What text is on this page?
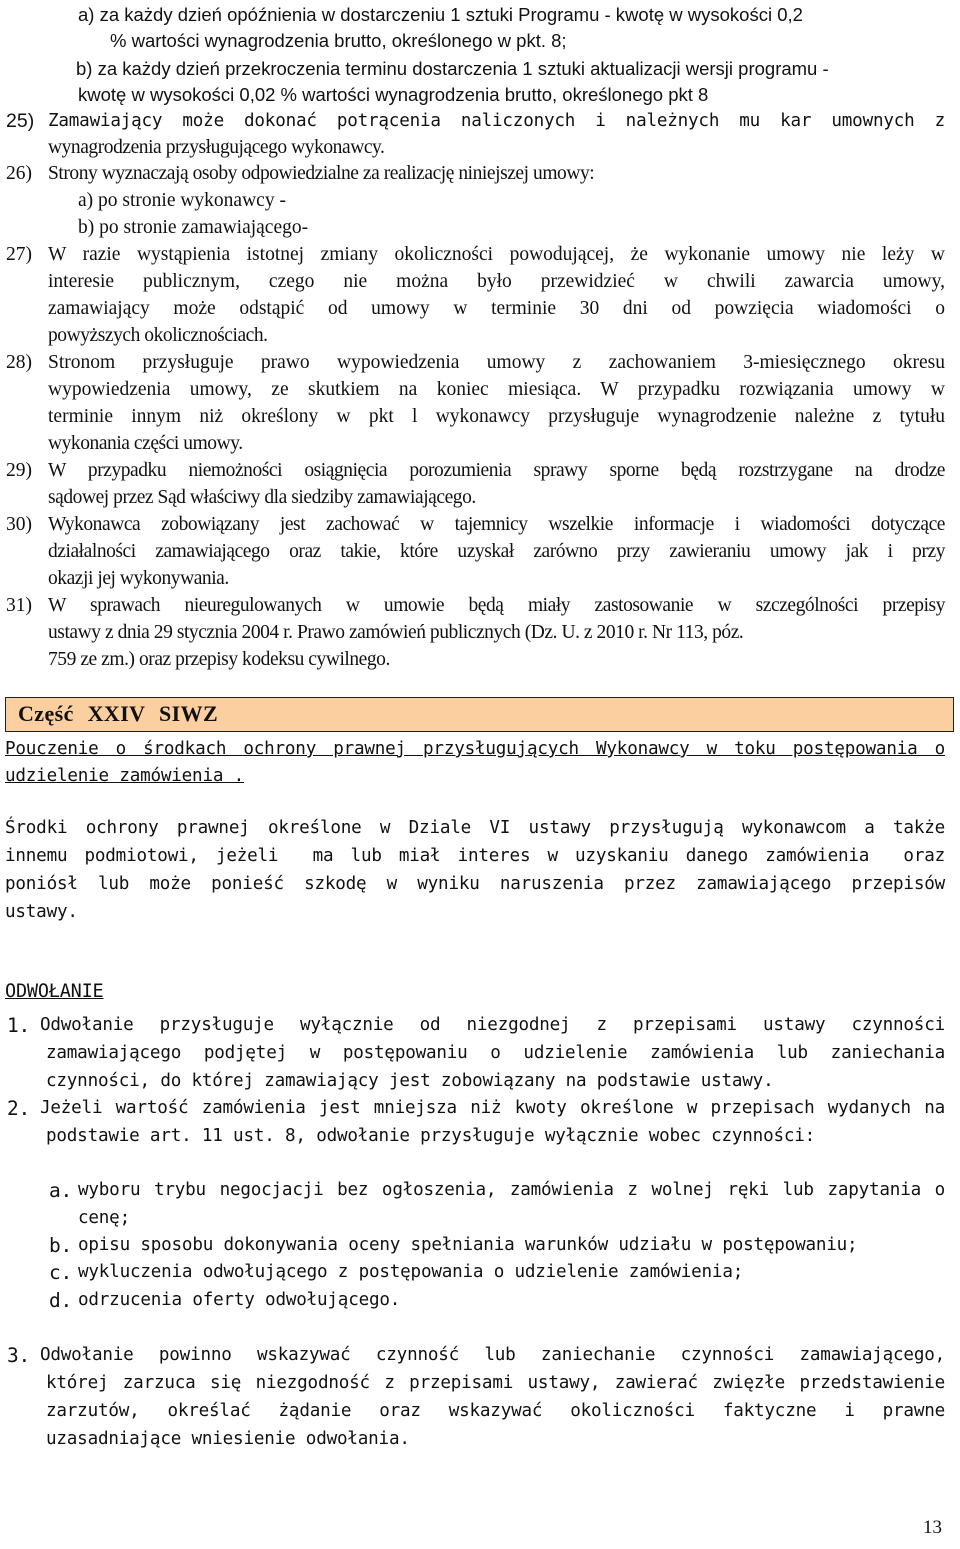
a) za każdy dzień opóźnienia w dostarczeniu 1 sztuki Programu - kwotę w wysokości 0,2
% wartości wynagrodzenia brutto, określonego w pkt. 8;
b) za każdy dzień przekroczenia terminu dostarczenia 1 sztuki aktualizacji wersji programu -
kwotę w wysokości 0,02 % wartości wynagrodzenia brutto, określonego pkt 8
25) Zamawiający może dokonać potrącenia naliczonych i należnych mu kar umownych z
wynagrodzenia przysługującego wykonawcy.
26) Strony wyznaczają osoby odpowiedzialne za realizację niniejszej umowy:
a) po stronie wykonawcy -
b) po stronie zamawiającego-
27) W razie wystąpienia istotnej zmiany okoliczności powodującej, że wykonanie umowy nie leży w
interesie publicznym, czego nie można było przewidzieć w chwili zawarcia umowy,
zamawiający może odstąpić od umowy w terminie 30 dni od powzięcia wiadomości o
powyższych okolicznościach.
28) Stronom przysługuje prawo wypowiedzenia umowy z zachowaniem 3-miesięcznego okresu
wypowiedzenia umowy, ze skutkiem na koniec miesiąca. W przypadku rozwiązania umowy w
terminie innym niż określony w pkt l wykonawcy przysługuje wynagrodzenie należne z tytułu
wykonania części umowy.
29) W przypadku niemożności osiągnięcia porozumienia sprawy sporne będą rozstrzygane na drodze
sądowej przez Sąd właściwy dla siedziby zamawiającego.
30) Wykonawca zobowiązany jest zachować w tajemnicy wszelkie informacje i wiadomości dotyczące
działalności zamawiającego oraz takie, które uzyskał zarówno przy zawieraniu umowy jak i przy
okazji jej wykonywania.
31) W sprawach nieuregulowanych w umowie będą miały zastosowanie w szczególności przepisy
ustawy z dnia 29 stycznia 2004 r. Prawo zamówień publicznych (Dz. U. z 2010 r. Nr 113, póz.
759 ze zm.) oraz przepisy kodeksu cywilnego.
Część XXIV SIWZ
Pouczenie o środkach ochrony prawnej przysługujących Wykonawcy w toku postępowania o
udzielenie zamówienia .
Środki ochrony prawnej określone w Dziale VI ustawy przysługują wykonawcom a także
innemu podmiotowi, jeżeli  ma lub miał interes w uzyskaniu danego zamówienia  oraz
poniósł lub może ponieść szkodę w wyniku naruszenia przez zamawiającego przepisów
ustawy.
ODWOŁANIE
1. Odwołanie przysługuje wyłącznie od niezgodnej z przepisami ustawy czynności
zamawiającego podjętej w postępowaniu o udzielenie zamówienia lub zaniechania
czynności, do której zamawiający jest zobowiązany na podstawie ustawy.
2. Jeżeli wartość zamówienia jest mniejsza niż kwoty określone w przepisach wydanych na
podstawie art. 11 ust. 8, odwołanie przysługuje wyłącznie wobec czynności:
a. wyboru trybu negocjacji bez ogłoszenia, zamówienia z wolnej ręki lub zapytania o
cenę;
b. opisu sposobu dokonywania oceny spełniania warunków udziału w postępowaniu;
c. wykluczenia odwołującego z postępowania o udzielenie zamówienia;
d. odrzucenia oferty odwołującego.
3. Odwołanie powinno wskazywać czynność lub zaniechanie czynności zamawiającego,
której zarzuca się niezgodność z przepisami ustawy, zawierać zwięzłe przedstawienie
zarzutów, określać żądanie oraz wskazywać okoliczności faktyczne i prawne
uzasadniające wniesienie odwołania.
13
